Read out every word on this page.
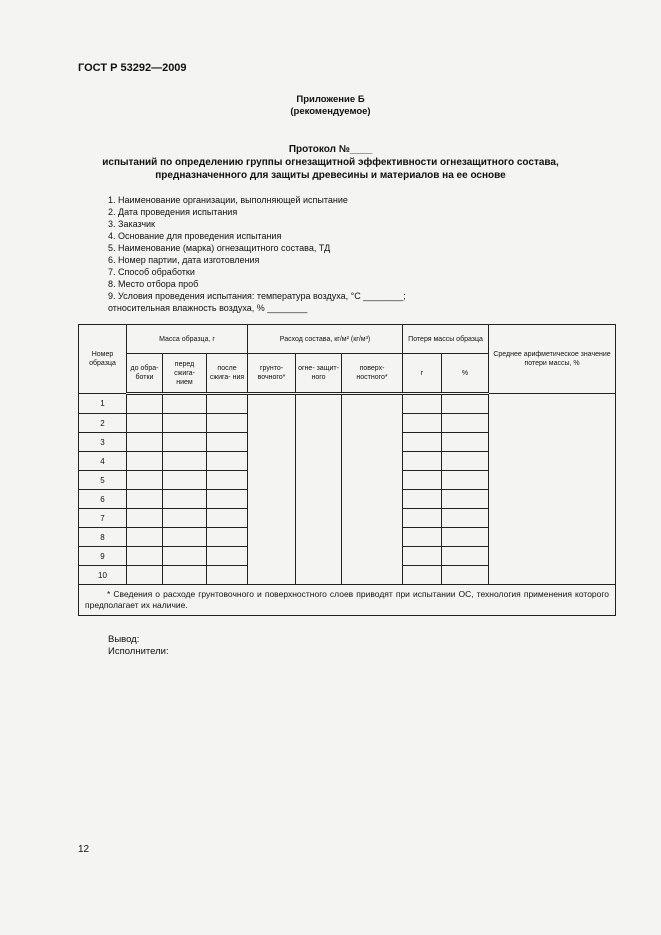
ГОСТ Р 53292—2009
Приложение Б
(рекомендуемое)
Протокол №____
испытаний по определению группы огнезащитной эффективности огнезащитного состава,
предназначенного для защиты древесины и материалов на ее основе
1. Наименование организации, выполняющей испытание
2. Дата проведения испытания
3. Заказчик
4. Основание для проведения испытания
5. Наименование (марка) огнезащитного состава, ТД
6. Номер партии, дата изготовления
7. Способ обработки
8. Место отбора проб
9. Условия проведения испытания: температура воздуха, °С ________;
относительная влажность воздуха, % ________
Номер образца	Масса образца, г			Расход состава, кг/м² (кг/м³)			Потеря массы образца		Среднее арифметическое значение потери массы, %
	до обра- ботки	перед сжига- нием	после сжига- ния	грунто- вочного*	огне- защит- ного	поверх- ностного*	г	%	
1									
2									
3									
4									
5									
6									
7									
8									
9									
10									
* Сведения о расходе грунтовочного и поверхностного слоев приводят при испытании ОС, технология применения которого предполагает их наличие.									
Вывод:
Исполнители:
12
